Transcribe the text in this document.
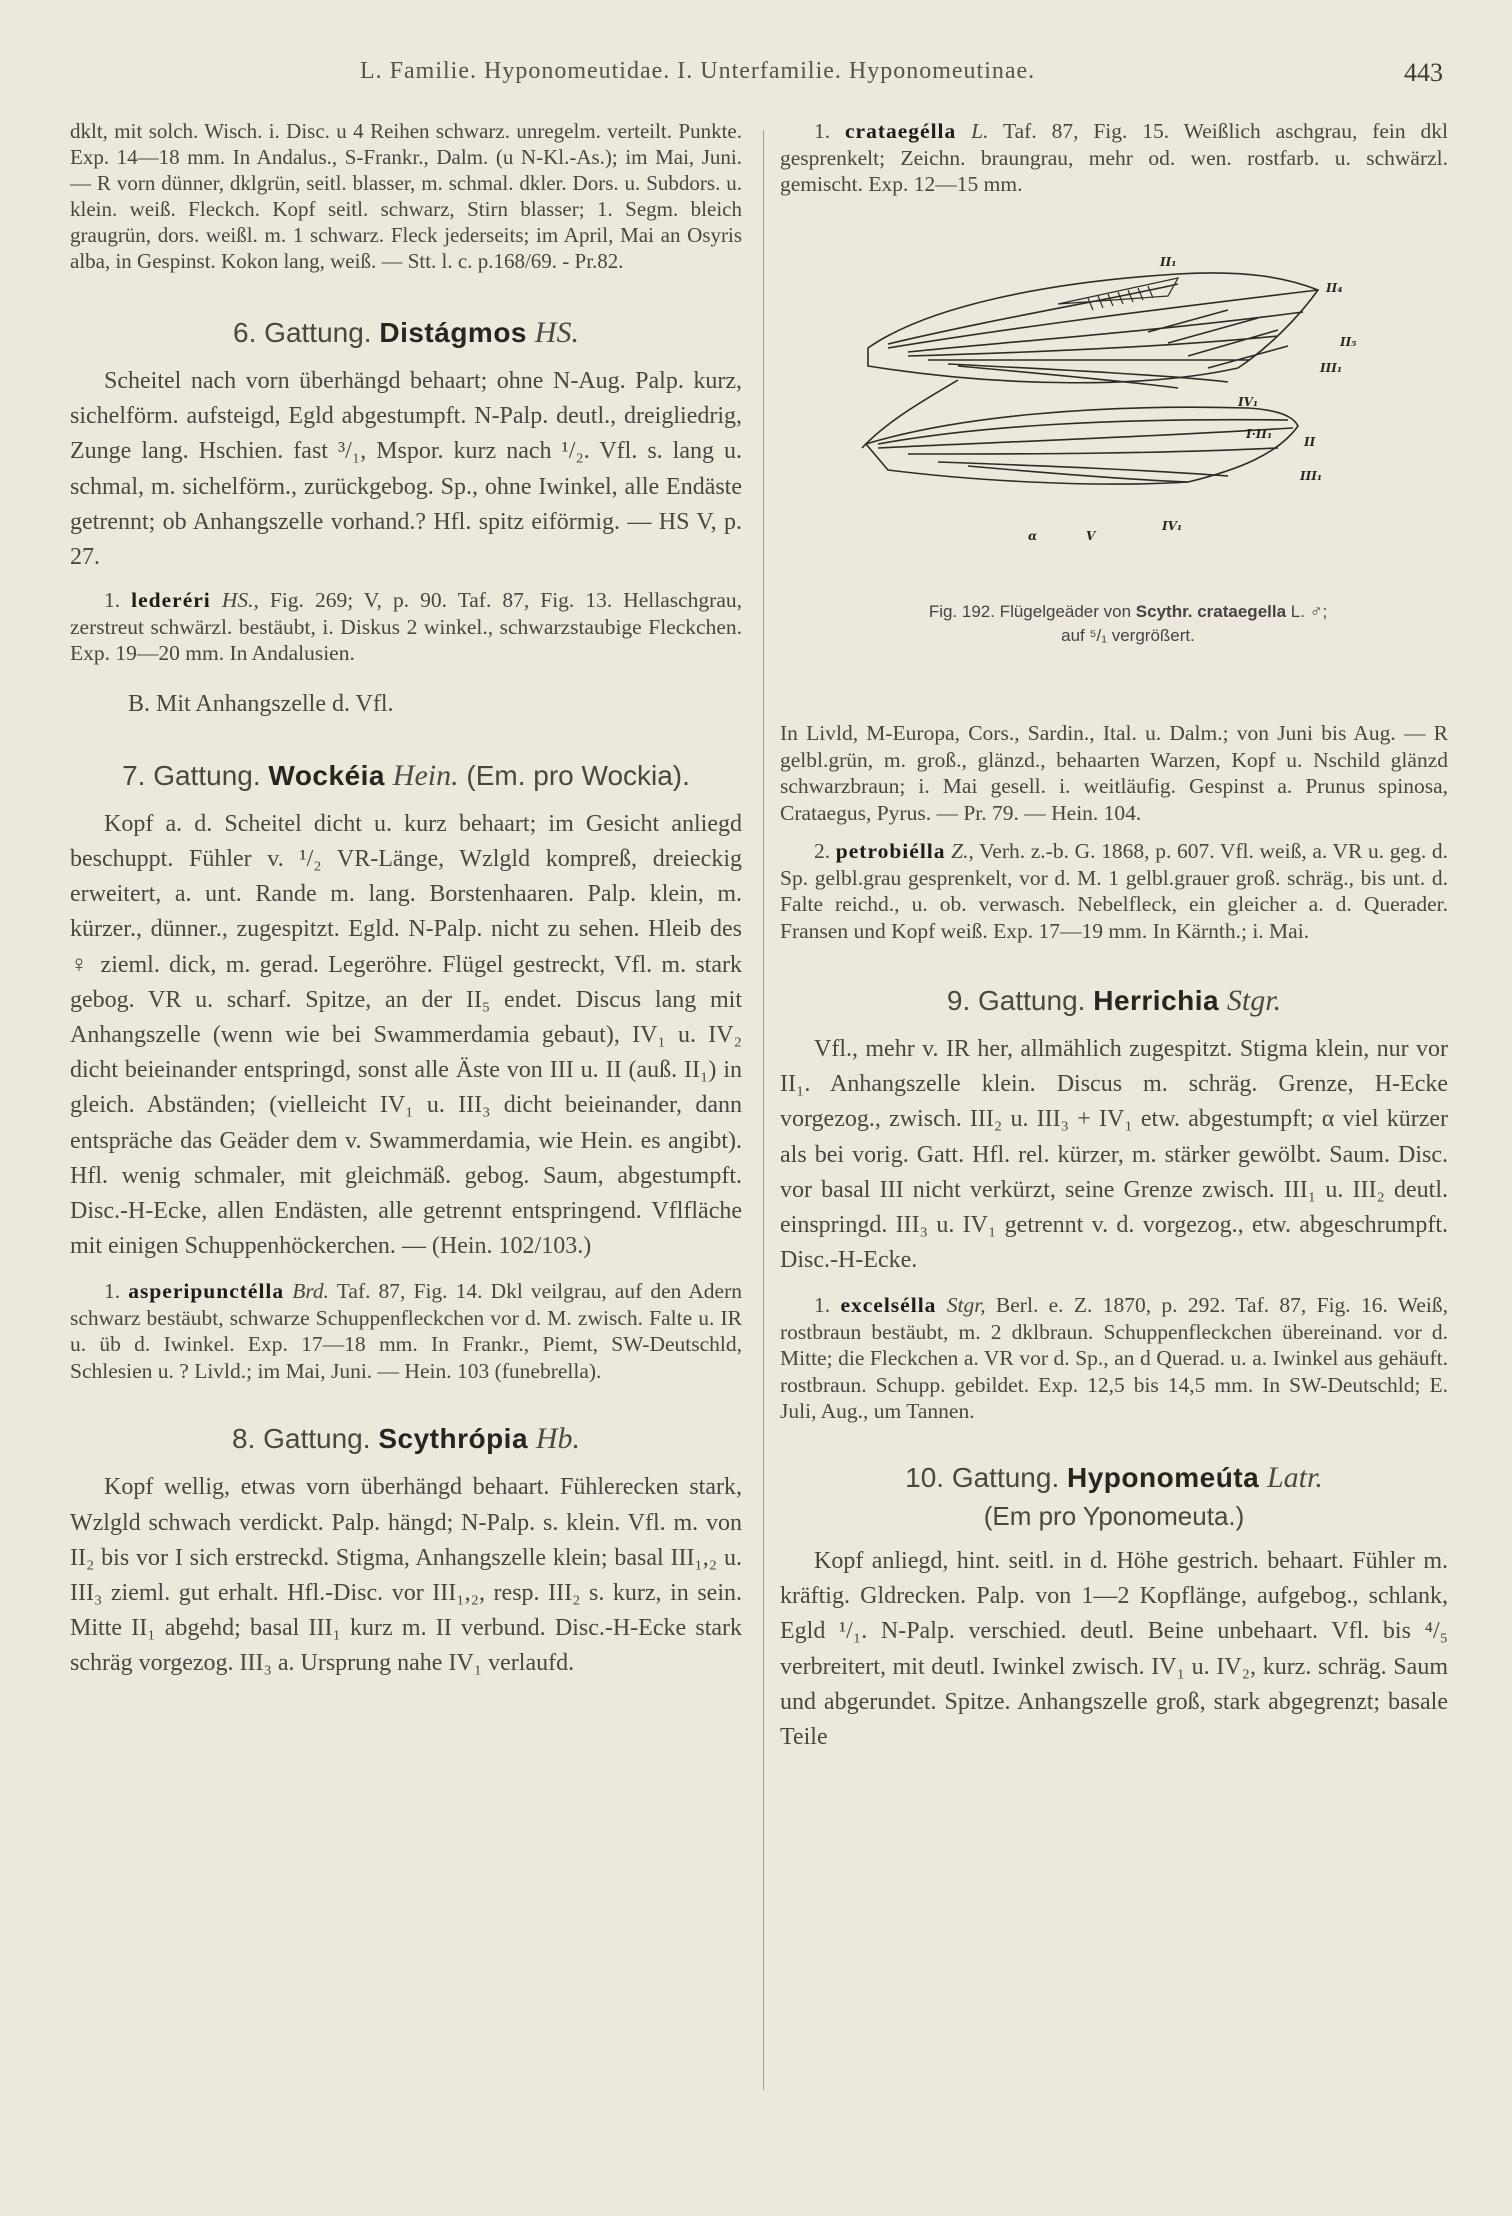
L. Familie. Hyponomeutidae. I. Unterfamilie. Hyponomeutinae.	443

dklt, mit solch. Wisch. i. Disc. u 4 Reihen schwarz. unregelm. verteilt. Punkte. Exp. 14—18 mm. In Andalus., S-Frankr., Dalm. (u N-Kl.-As.); im Mai, Juni. — R vorn dünner, dklgrün, seitl. blasser, m. schmal. dkler. Dors. u. Subdors. u. klein. weiß. Fleckch. Kopf seitl. schwarz, Stirn blasser; 1. Segm. bleich graugrün, dors. weißl. m. 1 schwarz. Fleck jederseits; im April, Mai an Osyris alba, in Gespinst. Kokon lang, weiß. — Stt. l. c. p.168/69. - Pr.82.

6. Gattung. Distágmos HS.

Scheitel nach vorn überhängd behaart; ohne N-Aug. Palp. kurz, sichelförm. aufsteigd, Egld abgestumpft. N-Palp. deutl., dreigliedrig, Zunge lang. Hschien. fast ³/₁, Mspor. kurz nach ¹/₂. Vfl. s. lang u. schmal, m. sichelförm., zurückgebog. Sp., ohne Iwinkel, alle Endäste getrennt; ob Anhangszelle vorhand.? Hfl. spitz eiförmig. — HS V, p. 27.

1. lederéri HS., Fig. 269; V, p. 90. Taf. 87, Fig. 13. Hellaschgrau, zerstreut schwärzl. bestäubt, i. Diskus 2 winkel., schwarzstaubige Fleckchen. Exp. 19—20 mm. In Andalusien.

B. Mit Anhangszelle d. Vfl.

7. Gattung. Wockéia Hein. (Em. pro Wockia).

Kopf a. d. Scheitel dicht u. kurz behaart; im Gesicht anliegd beschuppt. Fühler v. ¹/₂ VR-Länge, Wzlgld kompreß, dreieckig erweitert, a. unt. Rande m. lang. Borstenhaaren. Palp. klein, m. kürzer., dünner., zugespitzt. Egld. N-Palp. nicht zu sehen. Hleib des ♀ zieml. dick, m. gerad. Legeröhre. Flügel gestreckt, Vfl. m. stark gebog. VR u. scharf. Spitze, an der II₅ endet. Discus lang mit Anhangszelle (wenn wie bei Swammerdamia gebaut), IV₁ u. IV₂ dicht beieinander entspringd, sonst alle Äste von III u. II (auß. II₁) in gleich. Abständen; (vielleicht IV₁ u. III₃ dicht beieinander, dann entspräche das Geäder dem v. Swammerdamia, wie Hein. es angibt). Hfl. wenig schmaler, mit gleichmäß. gebog. Saum, abgestumpft. Disc.-H-Ecke, allen Endästen, alle getrennt entspringend. Vflfläche mit einigen Schuppenhöckerchen. — (Hein. 102/103.)

1. asperipunctélla Brd. Taf. 87, Fig. 14. Dkl veilgrau, auf den Adern schwarz bestäubt, schwarze Schuppenfleckchen vor d. M. zwisch. Falte u. IR u. üb d. Iwinkel. Exp. 17—18 mm. In Frankr., Piemt, SW-Deutschld, Schlesien u. ? Livld.; im Mai, Juni. — Hein. 103 (funebrella).

8. Gattung. Scythrópia Hb.

Kopf wellig, etwas vorn überhängd behaart. Fühlerecken stark, Wzlgld schwach verdickt. Palp. hängd; N-Palp. s. klein. Vfl. m. von II₂ bis vor I sich erstreckd. Stigma, Anhangszelle klein; basal III₁,₂ u. III₃ zieml. gut erhalt. Hfl.-Disc. vor III₁,₂, resp. III₂ s. kurz, in sein. Mitte II₁ abgehd; basal III₁ kurz m. II verbund. Disc.-H-Ecke stark schräg vorgezog. III₃ a. Ursprung nahe IV₁ verlaufd.

1. crataegélla L. Taf. 87, Fig. 15. Weißlich aschgrau, fein dkl gesprenkelt; Zeichn. braungrau, mehr od. wen. rostfarb. u. schwärzl. gemischt. Exp. 12—15 mm.

II₁
II₄
II₅
III₁
IV₁
I·II₁
II
III₁
α	V
IV₁
Fig. 192. Flügelgeäder von Scythr. crataegella L. ♂;
auf ⁵/₁ vergrößert.

In Livld, M-Europa, Cors., Sardin., Ital. u. Dalm.; von Juni bis Aug. — R gelbl.grün, m. groß., glänzd., behaarten Warzen, Kopf u. Nschild glänzd schwarzbraun; i. Mai gesell. i. weitläufig. Gespinst a. Prunus spinosa, Crataegus, Pyrus. — Pr. 79. — Hein. 104.

2. petrobiélla Z., Verh. z.-b. G. 1868, p. 607. Vfl. weiß, a. VR u. geg. d. Sp. gelbl.grau gesprenkelt, vor d. M. 1 gelbl.grauer groß. schräg., bis unt. d. Falte reichd., u. ob. verwasch. Nebelfleck, ein gleicher a. d. Querader. Fransen und Kopf weiß. Exp. 17—19 mm. In Kärnth.; i. Mai.

9. Gattung. Herrichia Stgr.

Vfl., mehr v. IR her, allmählich zugespitzt. Stigma klein, nur vor II₁. Anhangszelle klein. Discus m. schräg. Grenze, H-Ecke vorgezog., zwisch. III₂ u. III₃ + IV₁ etw. abgestumpft; α viel kürzer als bei vorig. Gatt. Hfl. rel. kürzer, m. stärker gewölbt. Saum. Disc. vor basal III nicht verkürzt, seine Grenze zwisch. III₁ u. III₂ deutl. einspringd. III₃ u. IV₁ getrennt v. d. vorgezog., etw. abgeschrumpft. Disc.-H-Ecke.

1. excelsélla Stgr, Berl. e. Z. 1870, p. 292. Taf. 87, Fig. 16. Weiß, rostbraun bestäubt, m. 2 dklbraun. Schuppenfleckchen übereinand. vor d. Mitte; die Fleckchen a. VR vor d. Sp., an d Querad. u. a. Iwinkel aus gehäuft. rostbraun. Schupp. gebildet. Exp. 12,5 bis 14,5 mm. In SW-Deutschld; E. Juli, Aug., um Tannen.

10. Gattung. Hyponomeúta Latr.

(Em pro Yponomeuta.)

Kopf anliegd, hint. seitl. in d. Höhe gestrich. behaart. Fühler m. kräftig. Gldrecken. Palp. von 1—2 Kopflänge, aufgebog., schlank, Egld ¹/₁. N-Palp. verschied. deutl. Beine unbehaart. Vfl. bis ⁴/₅ verbreitert, mit deutl. Iwinkel zwisch. IV₁ u. IV₂, kurz. schräg. Saum und abgerundet. Spitze. Anhangszelle groß, stark abgegrenzt; basale Teile
